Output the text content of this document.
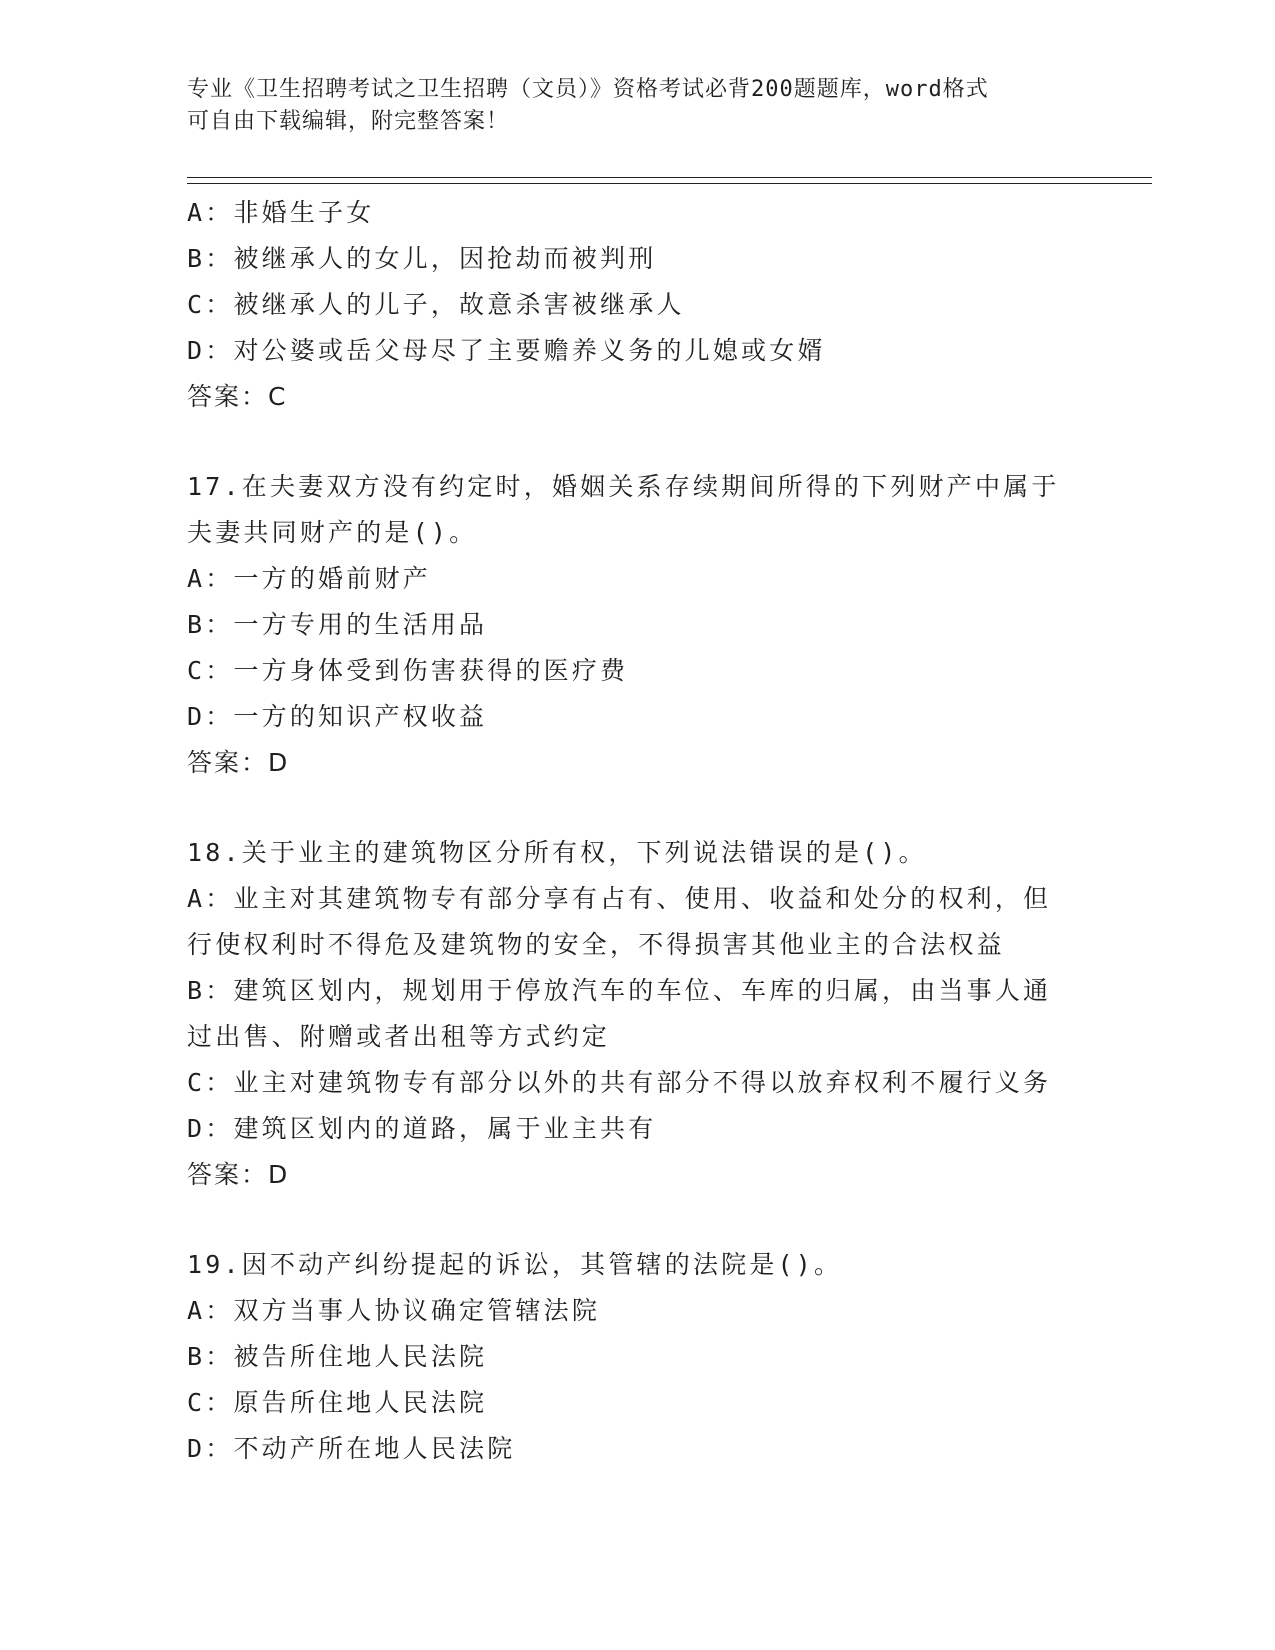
专业《卫生招聘考试之卫生招聘（文员）》资格考试必背200题题库，word格式
可自由下载编辑，附完整答案！
A：非婚生子女
B：被继承人的女儿，因抢劫而被判刑
C：被继承人的儿子，故意杀害被继承人
D：对公婆或岳父母尽了主要赡养义务的儿媳或女婿
答案：C
17.在夫妻双方没有约定时，婚姻关系存续期间所得的下列财产中属于
夫妻共同财产的是()。
A：一方的婚前财产
B：一方专用的生活用品
C：一方身体受到伤害获得的医疗费
D：一方的知识产权收益
答案：D
18.关于业主的建筑物区分所有权，下列说法错误的是()。
A：业主对其建筑物专有部分享有占有、使用、收益和处分的权利，但
行使权利时不得危及建筑物的安全，不得损害其他业主的合法权益
B：建筑区划内，规划用于停放汽车的车位、车库的归属，由当事人通
过出售、附赠或者出租等方式约定
C：业主对建筑物专有部分以外的共有部分不得以放弃权利不履行义务
D：建筑区划内的道路，属于业主共有
答案：D
19.因不动产纠纷提起的诉讼，其管辖的法院是()。
A：双方当事人协议确定管辖法院
B：被告所住地人民法院
C：原告所住地人民法院
D：不动产所在地人民法院
